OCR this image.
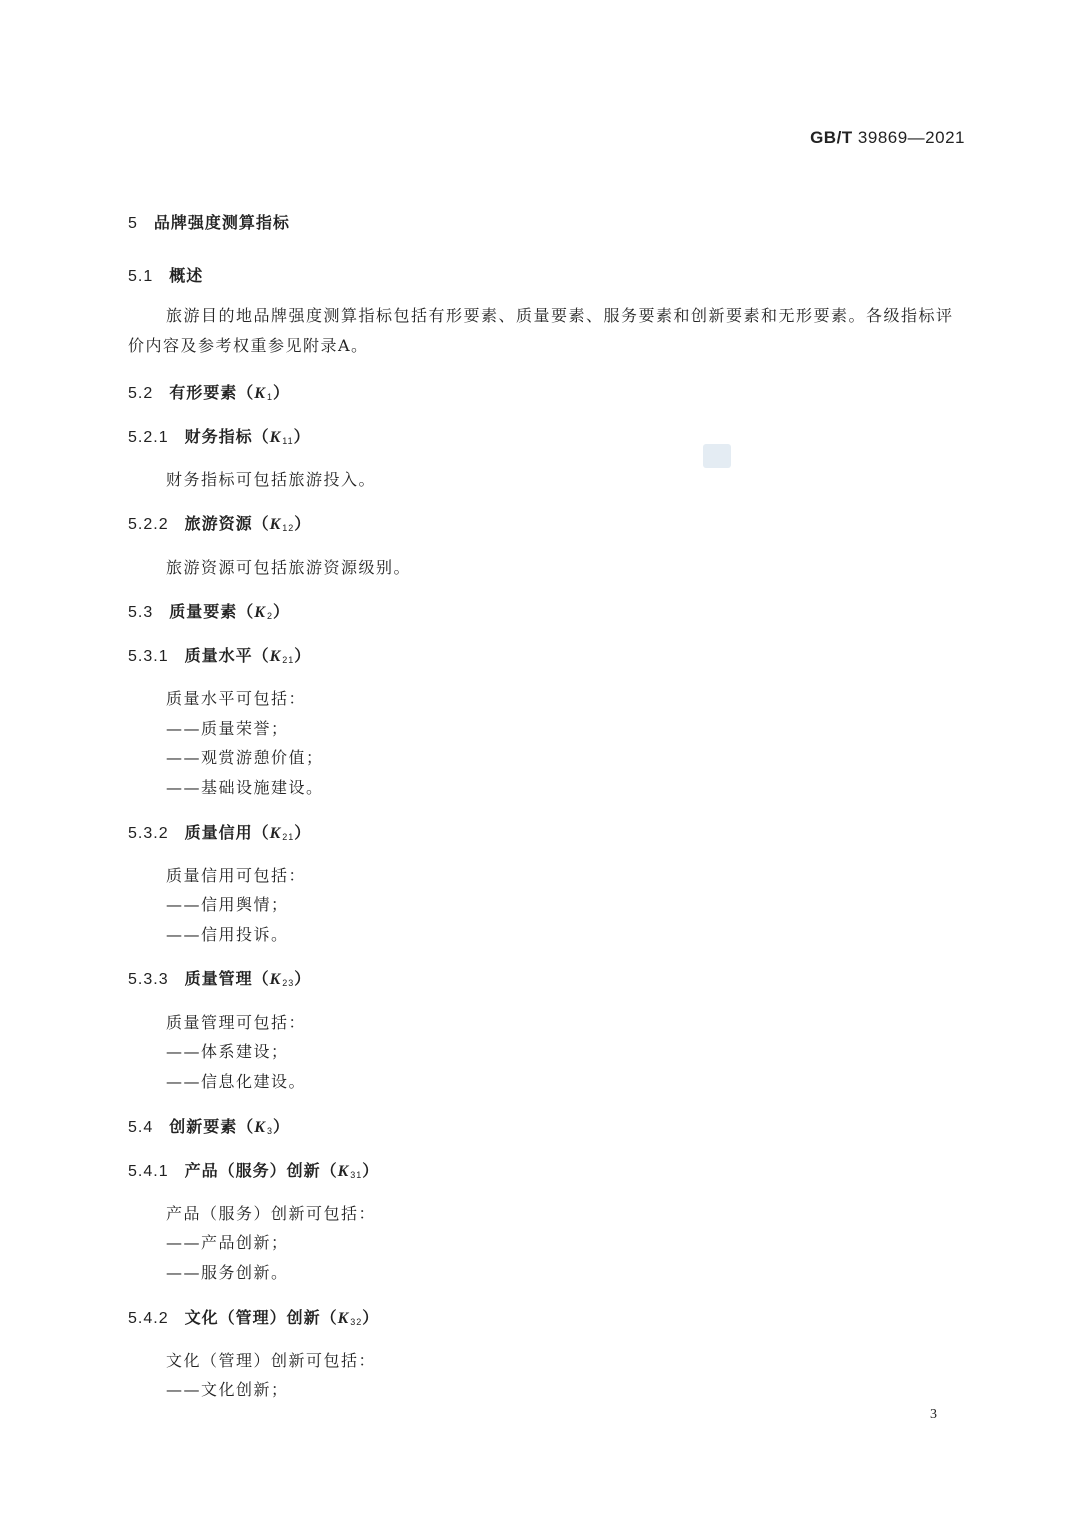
GB/T 39869—2021
5 品牌强度测算指标
5.1 概述
旅游目的地品牌强度测算指标包括有形要素、质量要素、服务要素和创新要素和无形要素。各级指标评价内容及参考权重参见附录A。
5.2 有形要素$(K_1)$
5.2.1 财务指标$(K_{11})$
财务指标可包括旅游投入。
5.2.2 旅游资源$(K_{12})$
旅游资源可包括旅游资源级别。
5.3 质量要素$(K_2)$
5.3.1 质量水平$(K_{21})$
质量水平可包括：
——质量荣誉；
——观赏游憩价值；
——基础设施建设。
5.3.2 质量信用$(K_{21})$
质量信用可包括：
——信用舆情；
——信用投诉。
5.3.3 质量管理$(K_{23})$
质量管理可包括：
——体系建设；
——信息化建设。
5.4 创新要素$(K_3)$
5.4.1 产品（服务）创新$(K_{31})$
产品（服务）创新可包括：
——产品创新；
——服务创新。
5.4.2 文化（管理）创新$(K_{32})$
文化（管理）创新可包括：
——文化创新；
3
